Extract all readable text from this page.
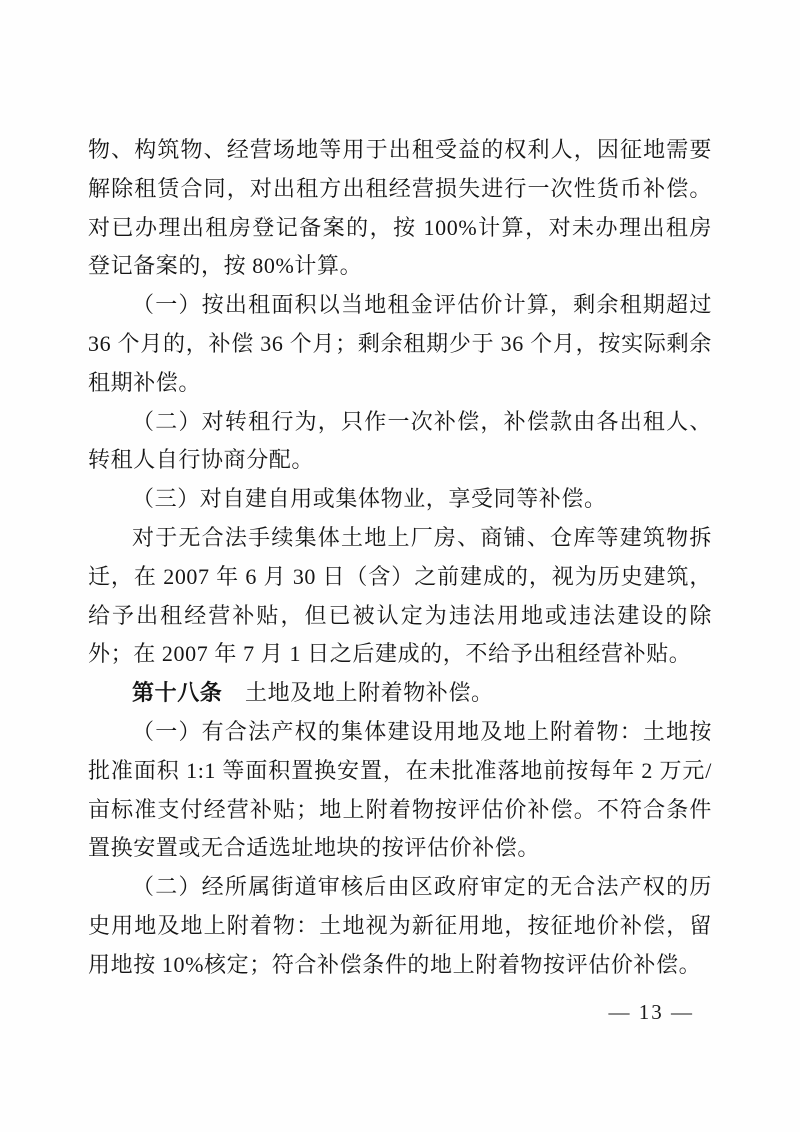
物、构筑物、经营场地等用于出租受益的权利人，因征地需要解除租赁合同，对出租方出租经营损失进行一次性货币补偿。对已办理出租房登记备案的，按 100%计算，对未办理出租房登记备案的，按 80%计算。

（一）按出租面积以当地租金评估价计算，剩余租期超过 36 个月的，补偿 36 个月；剩余租期少于 36 个月，按实际剩余租期补偿。

（二）对转租行为，只作一次补偿，补偿款由各出租人、转租人自行协商分配。

（三）对自建自用或集体物业，享受同等补偿。

对于无合法手续集体土地上厂房、商铺、仓库等建筑物拆迁，在 2007 年 6 月 30 日（含）之前建成的，视为历史建筑，给予出租经营补贴，但已被认定为违法用地或违法建设的除外；在 2007 年 7 月 1 日之后建成的，不给予出租经营补贴。

第十八条　土地及地上附着物补偿。

（一）有合法产权的集体建设用地及地上附着物：土地按批准面积 1:1 等面积置换安置，在未批准落地前按每年 2 万元/亩标准支付经营补贴；地上附着物按评估价补偿。不符合条件置换安置或无合适选址地块的按评估价补偿。

（二）经所属街道审核后由区政府审定的无合法产权的历史用地及地上附着物：土地视为新征用地，按征地价补偿，留用地按 10%核定；符合补偿条件的地上附着物按评估价补偿。

— 13 —
